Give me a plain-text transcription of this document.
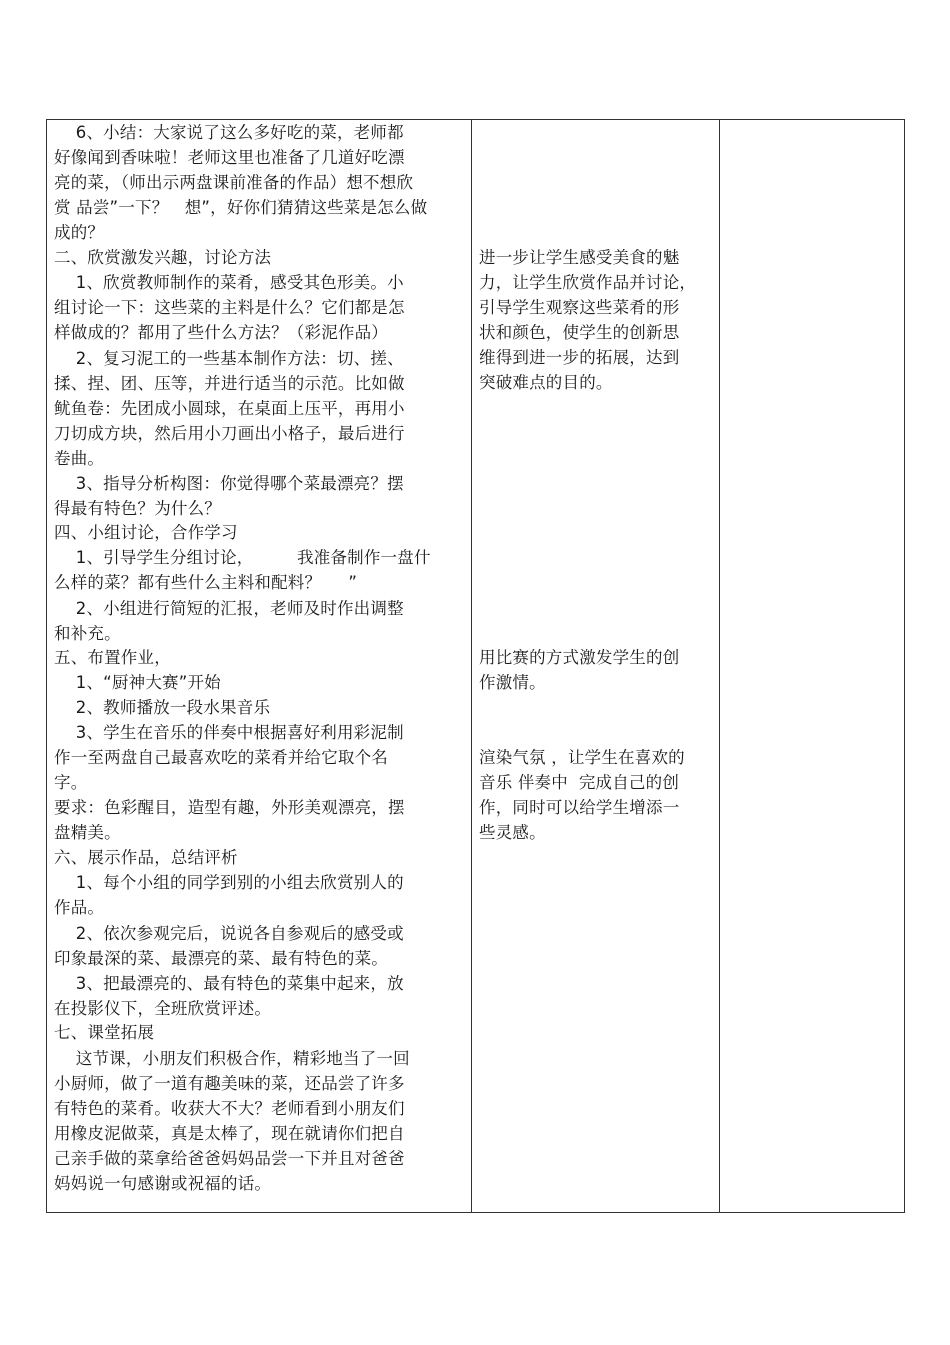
6、小结：大家说了这么多好吃的菜，老师都
好像闻到香味啦！老师这里也准备了几道好吃漂
亮的菜，（师出示两盘课前准备的作品）想不想欣
赏 品尝”一下？   想”，好你们猜猜这些菜是怎么做
成的？

二、欣赏激发兴趣，讨论方法

1、欣赏教师制作的菜肴，感受其色形美。小
组讨论一下：这些菜的主料是什么？它们都是怎
样做成的？都用了些什么方法？（彩泥作品）

2、复习泥工的一些基本制作方法：切、搓、
揉、捏、团、压等，并进行适当的示范。比如做
鱿鱼卷：先团成小圆球，在桌面上压平，再用小
刀切成方块，然后用小刀画出小格子，最后进行
卷曲。

3、指导分析构图：你觉得哪个菜最漂亮？摆
得最有特色？为什么？

四、小组讨论，合作学习

1、引导学生分组讨论，        我准备制作一盘什
么样的菜？都有些什么主料和配料？     ”

2、小组进行简短的汇报，老师及时作出调整
和补充。

五、布置作业，

1、“厨神大赛”开始

2、教师播放一段水果音乐

3、学生在音乐的伴奏中根据喜好利用彩泥制
作一至两盘自己最喜欢吃的菜肴并给它取个名
字。

要求：色彩醒目，造型有趣，外形美观漂亮，摆
盘精美。

六、展示作品，总结评析

1、每个小组的同学到别的小组去欣赏别人的
作品。

2、依次参观完后，说说各自参观后的感受或
印象最深的菜、最漂亮的菜、最有特色的菜。

3、把最漂亮的、最有特色的菜集中起来，放
在投影仪下，全班欣赏评述。

七、课堂拓展

这节课，小朋友们积极合作，精彩地当了一回
小厨师，做了一道有趣美味的菜，还品尝了许多
有特色的菜肴。收获大不大？老师看到小朋友们
用橡皮泥做菜，真是太棒了，现在就请你们把自
己亲手做的菜拿给爸爸妈妈品尝一下并且对爸爸
妈妈说一句感谢或祝福的话。

进一步让学生感受美食的魅
力，让学生欣赏作品并讨论，
引导学生观察这些菜肴的形
状和颜色，使学生的创新思
维得到进一步的拓展，达到
突破难点的目的。

用比赛的方式激发学生的创
作激情。

渲染气氛 ，让学生在喜欢的
音乐 伴奏中  完成自己的创
作，同时可以给学生增添一
些灵感。
